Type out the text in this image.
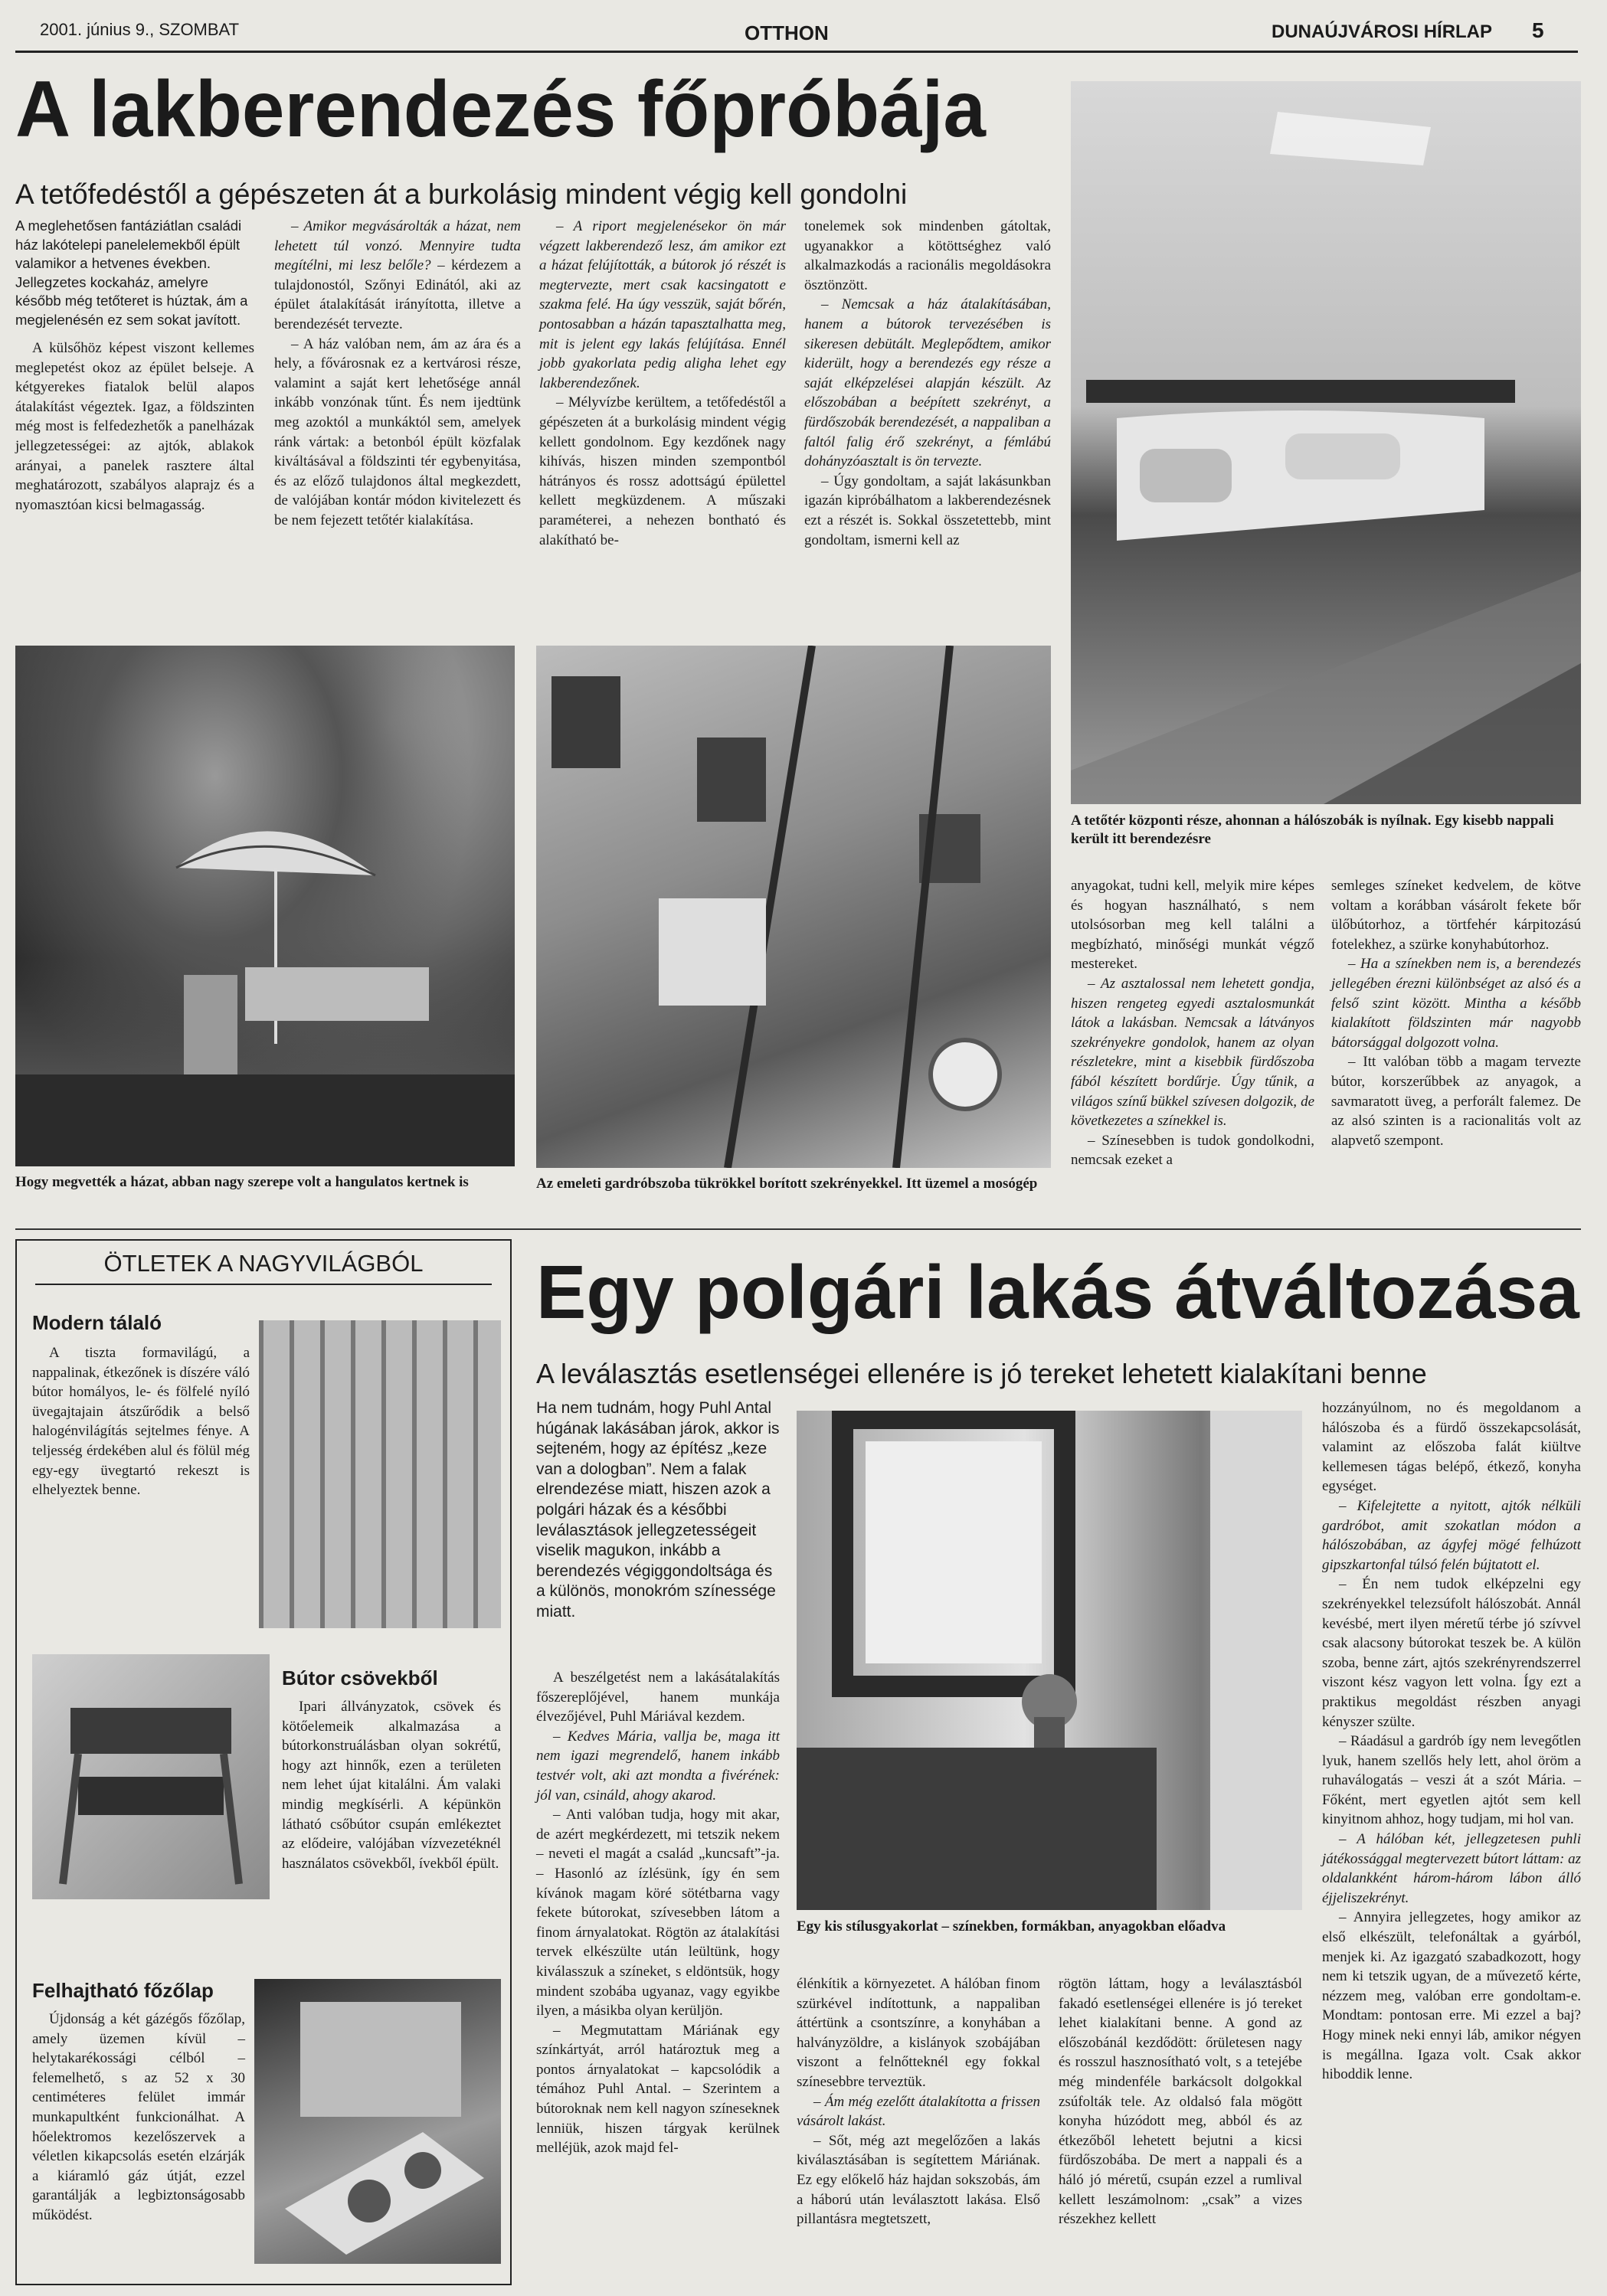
2001. június 9., SZOMBAT	OTTHON	DUNAÚJVÁROSI HÍRLAP 5
A lakberendezés főpróbája
A tetőfedéstől a gépészeten át a burkolásig mindent végig kell gondolni
A meglehetősen fantáziátlan családi ház lakótelepi panelelemekből épült valamikor a hetvenes években. Jellegzetes kockaház, amelyre később még tetőteret is húztak, ám a megjelenésén ez sem sokat javított.

A külsőhöz képest viszont kellemes meglepetést okoz az épület belseje. A kétgyerekes fiatalok belül alapos átalakítást végeztek. Igaz, a földszinten még most is felfedezhetők a panelházak jellegzetességei: az ajtók, ablakok arányai, a panelek rasztere által meghatározott, szabályos alaprajz és a nyomasztóan kicsi belmagasság.

– Amikor megvásárolták a házat, nem lehetett túl vonzó. Mennyire tudta megítélni, mi lesz belőle? – kérdezem a tulajdonostól, Szőnyi Edinától, aki az épület átalakítását irányította, illetve a berendezését tervezte.

– A ház valóban nem, ám az ára és a hely, a fővárosnak ez a kertvárosi része, valamint a saját kert lehetősége annál inkább vonzónak tűnt. És nem ijedtünk meg azoktól a munkáktól sem, amelyek ránk vártak: a betonból épült közfalak kiváltásával a földszinti tér egybenyitása, és az előző tulajdonos által megkezdett, de valójában kontár módon kivitelezett és be nem fejezett tetőtér kialakítása.

– A riport megjelenésekor ön már végzett lakberendező lesz, ám amikor ezt a házat felújították, a bútorok jó részét is megtervezte, mert csak kacsingatott e szakma felé. Ha úgy vesszük, saját bőrén, pontosabban a házán tapasztalhatta meg, mit is jelent egy lakás felújítása. Ennél jobb gyakorlata pedig aligha lehet egy lakberendezőnek.

– Mélyvízbe kerültem, a tetőfedéstől a gépészeten át a burkolásig mindent végig kellett gondolnom. Egy kezdőnek nagy kihívás, hiszen minden szempontból hátrányos és rossz adottságú épülettel kellett megküzdenem. A műszaki paraméterei, a nehezen bontható és alakítható be-

tonelemek sok mindenben gátoltak, ugyanakkor a kötöttséghez való alkalmazkodás a racionális megoldásokra ösztönzött.

– Nemcsak a ház átalakításában, hanem a bútorok tervezésében is sikeresen debütált. Meglepődtem, amikor kiderült, hogy a berendezés egy része a saját elképzelései alapján készült. Az előszobában a beépített szekrényt, a fürdőszobák berendezését, a nappaliban a faltól falig érő szekrényt, a fémlábú dohányzóasztalt is ön tervezte.

– Úgy gondoltam, a saját lakásunkban igazán kipróbálhatom a lakberendezésnek ezt a részét is. Sokkal összetettebb, mint gondoltam, ismerni kell az

A tetőtér központi része, ahonnan a hálószobák is nyílnak. Egy kisebb nappali került itt berendezésre
Hogy megvették a házat, abban nagy szerepe volt a hangulatos kertnek is	Az emeleti gardróbszoba tükrökkel borított szekrényekkel. Itt üzemel a mosógép

anyagokat, tudni kell, melyik mire képes és hogyan használható, s nem utolsósorban meg kell találni a megbízható, minőségi munkát végző mestereket.

– Az asztalossal nem lehetett gondja, hiszen rengeteg egyedi asztalosmunkát látok a lakásban. Nemcsak a látványos szekrényekre gondolok, hanem az olyan részletekre, mint a kisebbik fürdőszoba fából készített bordűrje. Úgy tűnik, a világos színű bükkel szívesen dolgozik, de következetes a színekkel is.

– Színesebben is tudok gondolkodni, nemcsak ezeket a

semleges színeket kedvelem, de kötve voltam a korábban vásárolt fekete bőr ülőbútorhoz, a törtfehér kárpitozású fotelekhez, a szürke konyhabútorhoz.

– Ha a színekben nem is, a berendezés jellegében érezni különbséget az alsó és a felső szint között. Mintha a később kialakított földszinten már nagyobb bátorsággal dolgozott volna.

– Itt valóban több a magam tervezte bútor, korszerűbbek az anyagok, a savmaratott üveg, a perforált falemez. De az alsó szinten is a racionalitás volt az alapvető szempont.

ÖTLETEK A NAGYVILÁGBÓL
Modern tálaló

A tiszta formavilágú, a nappalinak, étkezőnek is díszére váló bútor homályos, le- és fölfelé nyíló üvegajtajain átszűrődik a belső halogénvilágítás sejtelmes fénye. A teljesség érdekében alul és fölül még egy-egy üvegtartó rekeszt is elhelyeztek benne.

Bútor csövekből

Ipari állványzatok, csövek és kötőelemeik alkalmazása a bútorkonstruálásban olyan sokrétű, hogy azt hinnők, ezen a területen nem lehet újat kitalálni. Ám valaki mindig megkísérli. A képünkön látható csőbútor csupán emlékeztet az elődeire, valójában vízvezetéknél használatos csövekből, ívekből épült.

Felhajtható főzőlap

Újdonság a két gázégős főzőlap, amely üzemen kívül – helytakarékossági célból – felemelhető, s az 52 x 30 centiméteres felület immár munkapultként funkcionálhat. A hőelektromos kezelőszervek a véletlen kikapcsolás esetén elzárják a kiáramló gáz útját, ezzel garantálják a legbiztonságosabb működést.

Egy polgári lakás átváltozása
A leválasztás esetlenségei ellenére is jó tereket lehetett kialakítani benne
Ha nem tudnám, hogy Puhl Antal húgának lakásában járok, akkor is sejteném, hogy az építész „keze van a dologban”. Nem a falak elrendezése miatt, hiszen azok a polgári házak és a későbbi leválasztások jellegzetességeit viselik magukon, inkább a berendezés végiggondoltsága és a különös, monokróm színessége miatt.

A beszélgetést nem a lakásátalakítás főszereplőjével, hanem munkája élvezőjével, Puhl Máriával kezdem.

– Kedves Mária, vallja be, maga itt nem igazi megrendelő, hanem inkább testvér volt, aki azt mondta a fivérének: jól van, csináld, ahogy akarod.

– Anti valóban tudja, hogy mit akar, de azért megkérdezett, mi tetszik nekem – neveti el magát a család „kuncsaft”-ja. – Hasonló az ízlésünk, így én sem kívánok magam köré sötétbarna vagy fekete bútorokat, szívesebben látom a finom árnyalatokat. Rögtön az átalakítási tervek elkészülte után leültünk, hogy kiválasszuk a színeket, s eldöntsük, hogy mindent szobába ugyanaz, vagy egyikbe ilyen, a másikba olyan kerüljön.

– Megmutattam Máriának egy színkártyát, arról határoztuk meg a pontos árnyalatokat – kapcsolódik a témához Puhl Antal. – Szerintem a bútoroknak nem kell nagyon színeseknek lenniük, hiszen tárgyak kerülnek melléjük, azok majd fel-

Egy kis stílusgyakorlat – színekben, formákban, anyagokban előadva

élénkítik a környezetet. A hálóban finom szürkével indítottunk, a nappaliban áttértünk a csontszínre, a konyhában a halványzöldre, a kislányok szobájában viszont a felnőtteknél egy fokkal színesebbre terveztük.

– Ám még ezelőtt átalakította a frissen vásárolt lakást.

– Sőt, még azt megelőzően a lakás kiválasztásában is segítettem Máriának. Ez egy előkelő ház hajdan sokszobás, ám a háború után leválasztott lakása. Első pillantásra megtetszett,

rögtön láttam, hogy a leválasztásból fakadó esetlenségei ellenére is jó tereket lehet kialakítani benne. A gond az előszobánál kezdődött: őrületesen nagy és rosszul hasznosítható volt, s a tetejébe még mindenféle barkácsolt dolgokkal zsúfolták tele. Az oldalsó fala mögött konyha húzódott meg, abból és az étkezőből lehetett bejutni a kicsi fürdőszobába. De mert a nappali és a háló jó méretű, csupán ezzel a rumlival kellett leszámolnom: „csak” a vizes részekhez kellett

hozzányúlnom, no és megoldanom a hálószoba és a fürdő összekapcsolását, valamint az előszoba falát kiültve kellemesen tágas belépő, étkező, konyha egységet.

– Kifelejtette a nyitott, ajtók nélküli gardróbot, amit szokatlan módon a hálószobában, az ágyfej mögé felhúzott gipszkartonfal túlsó felén bújtatott el.

– Én nem tudok elképzelni egy szekrényekkel telezsúfolt hálószobát. Annál kevésbé, mert ilyen méretű térbe jó szívvel csak alacsony bútorokat teszek be. A külön szoba, benne zárt, ajtós szekrényrendszerrel viszont kész vagyon lett volna. Így ezt a praktikus megoldást részben anyagi kényszer szülte.

– Ráadásul a gardrób így nem levegőtlen lyuk, hanem szellős hely lett, ahol öröm a ruhaválogatás – veszi át a szót Mária. – Főként, mert egyetlen ajtót sem kell kinyitnom ahhoz, hogy tudjam, mi hol van.

– A hálóban két, jellegzetesen puhli játékossággal megtervezett bútort láttam: az oldalankként három-három lábon álló éjjeliszekrényt.

– Annyira jellegzetes, hogy amikor az első elkészült, telefonáltak a gyárból, menjek ki. Az igazgató szabadkozott, hogy nem ki tetszik ugyan, de a művezető kérte, nézzem meg, valóban erre gondoltam-e. Mondtam: pontosan erre. Mi ezzel a baj? Hogy minek neki ennyi láb, amikor négyen is megállna. Igaza volt. Csak akkor hiboddik lenne.
